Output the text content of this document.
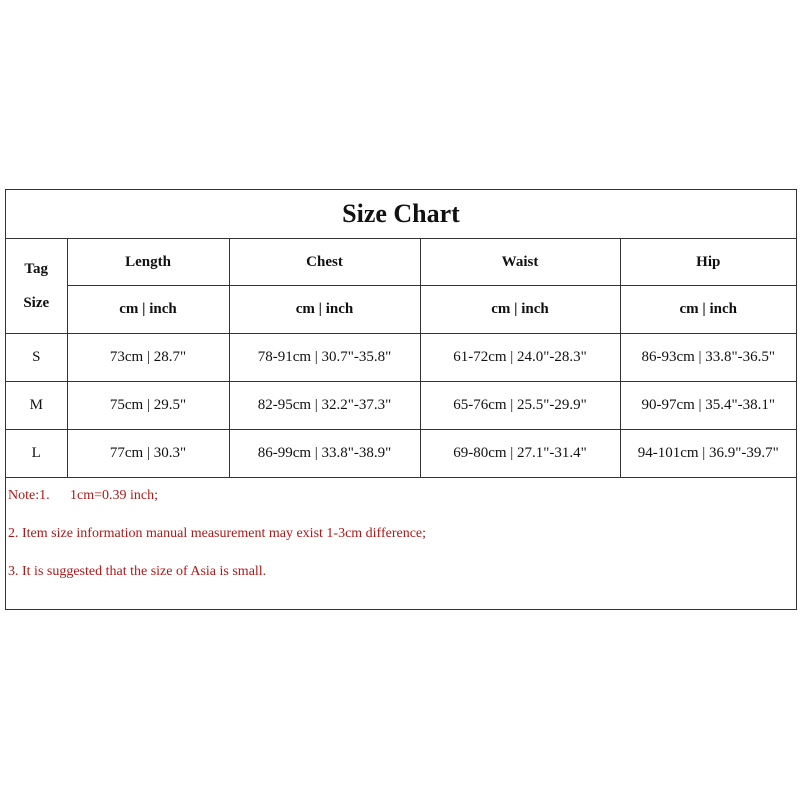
Size Chart
Tag
Size	Length	Chest	Waist	Hip
	cm | inch	cm | inch	cm | inch	cm | inch
S	73cm | 28.7"	78-91cm | 30.7"-35.8"	61-72cm | 24.0"-28.3"	86-93cm | 33.8"-36.5"
M	75cm | 29.5"	82-95cm | 32.2"-37.3"	65-76cm | 25.5"-29.9"	90-97cm | 35.4"-38.1"
L	77cm | 30.3"	86-99cm | 33.8"-38.9"	69-80cm | 27.1"-31.4"	94-101cm | 36.9"-39.7"
Note:1. 1cm=0.39 inch;
2. Item size information manual measurement may exist 1-3cm difference;
3. It is suggested that the size of Asia is small.
